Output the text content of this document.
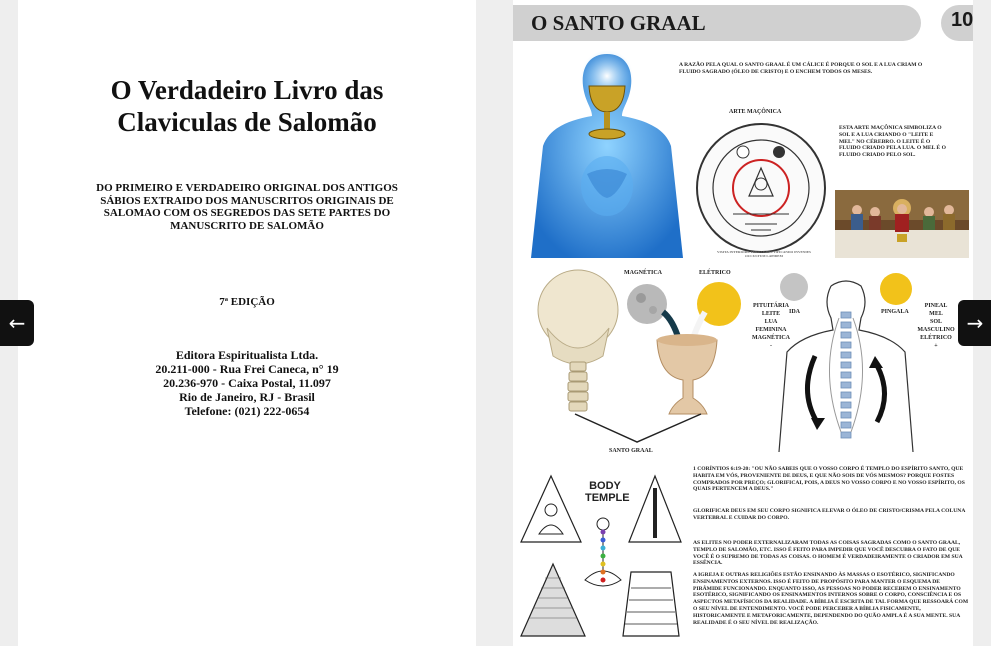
O Verdadeiro Livro das
Claviculas de Salomão
DO PRIMEIRO E VERDADEIRO ORIGINAL DOS ANTIGOS SÁBIOS EXTRAIDO DOS MANUSCRITOS ORIGINAIS DE SALOMAO COM OS SEGREDOS DAS SETE PARTES DO MANUSCRITO DE SALOMÃO
7ª EDIÇÃO
Editora Espiritualista Ltda.
20.211-000 - Rua Frei Caneca, n° 19
20.236-970 - Caixa Postal, 11.097
Rio de Janeiro, RJ - Brasil
Telefone: (021) 222-0654
O SANTO GRAAL	10
A RAZÃO PELA QUAL O SANTO GRAAL É UM CÁLICE É PORQUE O SOL E A LUA CRIAM O FLUIDO SAGRADO (ÓLEO DE CRISTO) E O ENCHEM TODOS OS MESES.
ARTE MAÇÔNICA
VISITA INTERIORA TERRAE RECTIFICANDO INVENIES OCCULTUM LAPIDEM
ESTA ARTE MAÇÔNICA SIMBOLIZA O SOL E A LUA CRIANDO O "LEITE E MEL" NO CÉREBRO. O LEITE É O FLUIDO CRIADO PELA LUA. O MEL É O FLUIDO CRIADO PELO SOL.
MAGNÉTICA	ELÉTRICO
PITUITÁRIA
LEITE
LUA
FEMININA
MAGNÉTICA
-
IDA	PINGALA
PINEAL
MEL
SOL
MASCULINO
ELÉTRICO
+
SANTO GRAAL
BODY
TEMPLE
1 CORÍNTIOS 6:19-20: "OU NÃO SABEIS QUE O VOSSO CORPO É TEMPLO DO ESPÍRITO SANTO, QUE HABITA EM VÓS, PROVENIENTE DE DEUS, E QUE NÃO SOIS DE VÓS MESMOS? PORQUE FOSTES COMPRADOS POR PREÇO; GLORIFICAI, POIS, A DEUS NO VOSSO CORPO E NO VOSSO ESPÍRITO, OS QUAIS PERTENCEM A DEUS."
GLORIFICAR DEUS EM SEU CORPO SIGNIFICA ELEVAR O ÓLEO DE CRISTO/CRISMA PELA COLUNA VERTEBRAL E CUIDAR DO CORPO.
AS ELITES NO PODER EXTERNALIZARAM TODAS AS COISAS SAGRADAS COMO O SANTO GRAAL, TEMPLO DE SALOMÃO, ETC. ISSO É FEITO PARA IMPEDIR QUE VOCÊ DESCUBRA O FATO DE QUE VOCÊ É O SUPREMO DE TODAS AS COISAS. O HOMEM É VERDADEIRAMENTE O CRIADOR EM SUA ESSÊNCIA.
A IGREJA E OUTRAS RELIGIÕES ESTÃO ENSINANDO ÀS MASSAS O ESOTÉRICO, SIGNIFICANDO ENSINAMENTOS EXTERNOS. ISSO É FEITO DE PROPÓSITO PARA MANTER O ESQUEMA DE PIRÂMIDE FUNCIONANDO. ENQUANTO ISSO, AS PESSOAS NO PODER RECEBEM O ENSINAMENTO ESOTÉRICO, SIGNIFICANDO OS ENSINAMENTOS INTERNOS SOBRE O CORPO, CONSCIÊNCIA E OS ASPECTOS METAFÍSICOS DA REALIDADE. A BÍBLIA É ESCRITA DE TAL FORMA QUE RESSOARÁ COM O SEU NÍVEL DE ENTENDIMENTO. VOCÊ PODE PERCEBER A BÍBLIA FISICAMENTE, HISTORICAMENTE E METAFORICAMENTE, DEPENDENDO DO QUÃO AMPLA É A SUA MENTE. SUA REALIDADE É O SEU NÍVEL DE REALIZAÇÃO.
←	→
